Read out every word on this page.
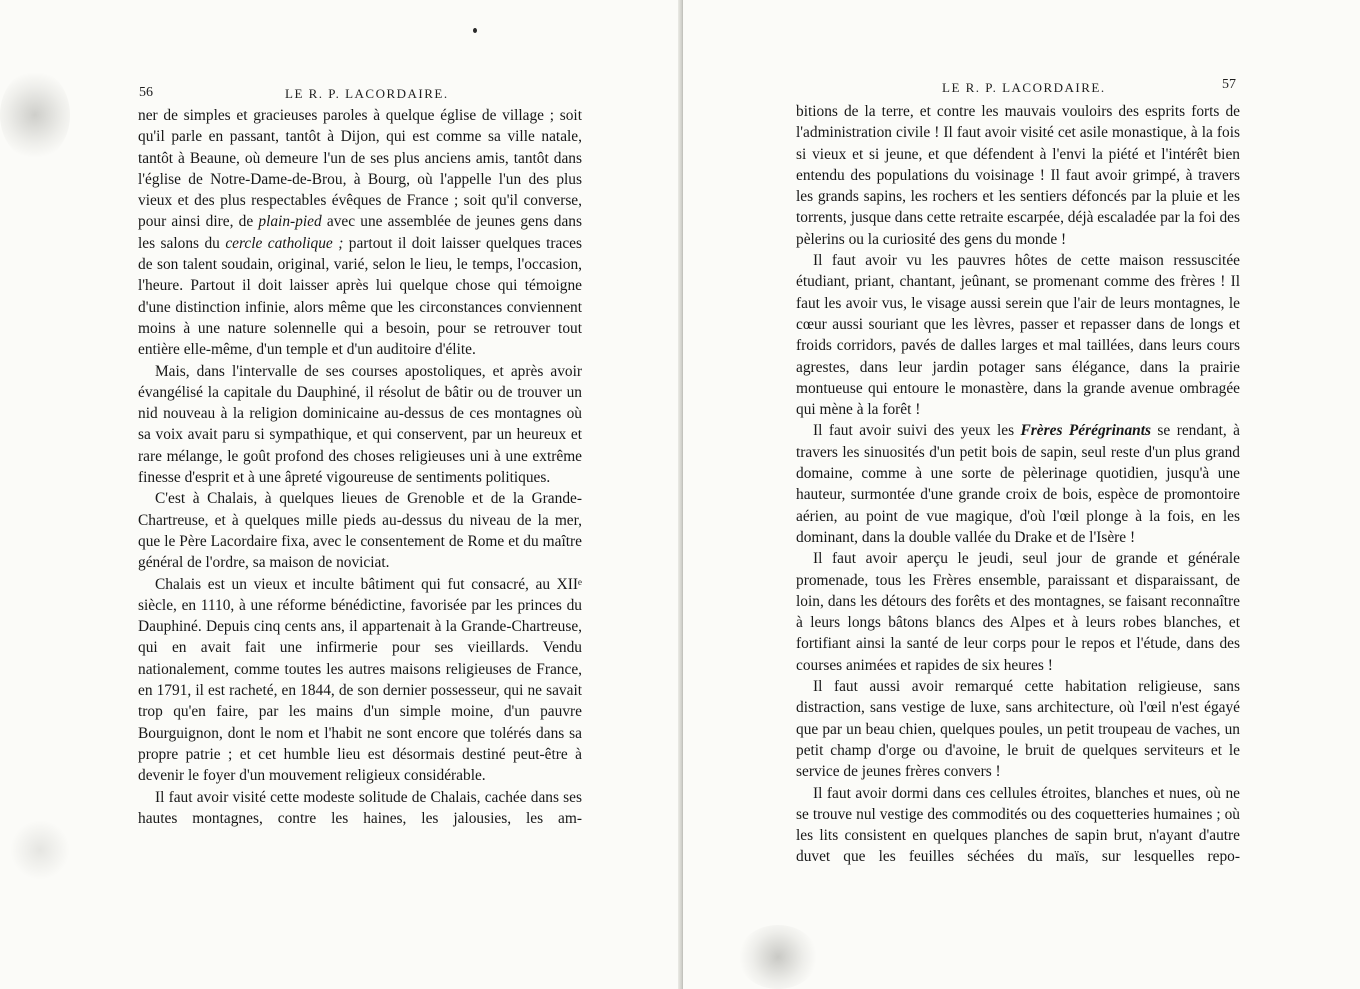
56	LE R. P. LACORDAIRE.

ner de simples et gracieuses paroles à quelque église de village ; soit qu'il parle en passant, tantôt à Dijon, qui est comme sa ville natale, tantôt à Beaune, où demeure l'un de ses plus anciens amis, tantôt dans l'église de Notre-Dame-de-Brou, à Bourg, où l'appelle l'un des plus vieux et des plus respectables évêques de France ; soit qu'il converse, pour ainsi dire, de plain-pied avec une assemblée de jeunes gens dans les salons du cercle catholique ; partout il doit laisser quelques traces de son talent soudain, original, varié, selon le lieu, le temps, l'occasion, l'heure. Partout il doit laisser après lui quelque chose qui témoigne d'une distinction infinie, alors même que les circonstances conviennent moins à une nature solennelle qui a besoin, pour se retrouver tout entière elle-même, d'un temple et d'un auditoire d'élite.

Mais, dans l'intervalle de ses courses apostoliques, et après avoir évangélisé la capitale du Dauphiné, il résolut de bâtir ou de trouver un nid nouveau à la religion dominicaine au-dessus de ces montagnes où sa voix avait paru si sympathique, et qui conservent, par un heureux et rare mélange, le goût profond des choses religieuses uni à une extrême finesse d'esprit et à une âpreté vigoureuse de sentiments politiques.

C'est à Chalais, à quelques lieues de Grenoble et de la Grande-Chartreuse, et à quelques mille pieds au-dessus du niveau de la mer, que le Père Lacordaire fixa, avec le consentement de Rome et du maître général de l'ordre, sa maison de noviciat.

Chalais est un vieux et inculte bâtiment qui fut consacré, au XIIᵉ siècle, en 1110, à une réforme bénédictine, favorisée par les princes du Dauphiné. Depuis cinq cents ans, il appartenait à la Grande-Chartreuse, qui en avait fait une infirmerie pour ses vieillards. Vendu nationalement, comme toutes les autres maisons religieuses de France, en 1791, il est racheté, en 1844, de son dernier possesseur, qui ne savait trop qu'en faire, par les mains d'un simple moine, d'un pauvre Bourguignon, dont le nom et l'habit ne sont encore que tolérés dans sa propre patrie ; et cet humble lieu est désormais destiné peut-être à devenir le foyer d'un mouvement religieux considérable.

Il faut avoir visité cette modeste solitude de Chalais, cachée dans ses hautes montagnes, contre les haines, les jalousies, les am-

LE R. P. LACORDAIRE.	57

bitions de la terre, et contre les mauvais vouloirs des esprits forts de l'administration civile ! Il faut avoir visité cet asile monastique, à la fois si vieux et si jeune, et que défendent à l'envi la piété et l'intérêt bien entendu des populations du voisinage ! Il faut avoir grimpé, à travers les grands sapins, les rochers et les sentiers défoncés par la pluie et les torrents, jusque dans cette retraite escarpée, déjà escaladée par la foi des pèlerins ou la curiosité des gens du monde !

Il faut avoir vu les pauvres hôtes de cette maison ressuscitée étudiant, priant, chantant, jeûnant, se promenant comme des frères ! Il faut les avoir vus, le visage aussi serein que l'air de leurs montagnes, le cœur aussi souriant que les lèvres, passer et repasser dans de longs et froids corridors, pavés de dalles larges et mal taillées, dans leurs cours agrestes, dans leur jardin potager sans élégance, dans la prairie montueuse qui entoure le monastère, dans la grande avenue ombragée qui mène à la forêt !

Il faut avoir suivi des yeux les Frères Pérégrinants se rendant, à travers les sinuosités d'un petit bois de sapin, seul reste d'un plus grand domaine, comme à une sorte de pèlerinage quotidien, jusqu'à une hauteur, surmontée d'une grande croix de bois, espèce de promontoire aérien, au point de vue magique, d'où l'œil plonge à la fois, en les dominant, dans la double vallée du Drake et de l'Isère !

Il faut avoir aperçu le jeudi, seul jour de grande et générale promenade, tous les Frères ensemble, paraissant et disparaissant, de loin, dans les détours des forêts et des montagnes, se faisant reconnaître à leurs longs bâtons blancs des Alpes et à leurs robes blanches, et fortifiant ainsi la santé de leur corps pour le repos et l'étude, dans des courses animées et rapides de six heures !

Il faut aussi avoir remarqué cette habitation religieuse, sans distraction, sans vestige de luxe, sans architecture, où l'œil n'est égayé que par un beau chien, quelques poules, un petit troupeau de vaches, un petit champ d'orge ou d'avoine, le bruit de quelques serviteurs et le service de jeunes frères convers !

Il faut avoir dormi dans ces cellules étroites, blanches et nues, où ne se trouve nul vestige des commodités ou des coquetteries humaines ; où les lits consistent en quelques planches de sapin brut, n'ayant d'autre duvet que les feuilles séchées du maïs, sur lesquelles repo-
